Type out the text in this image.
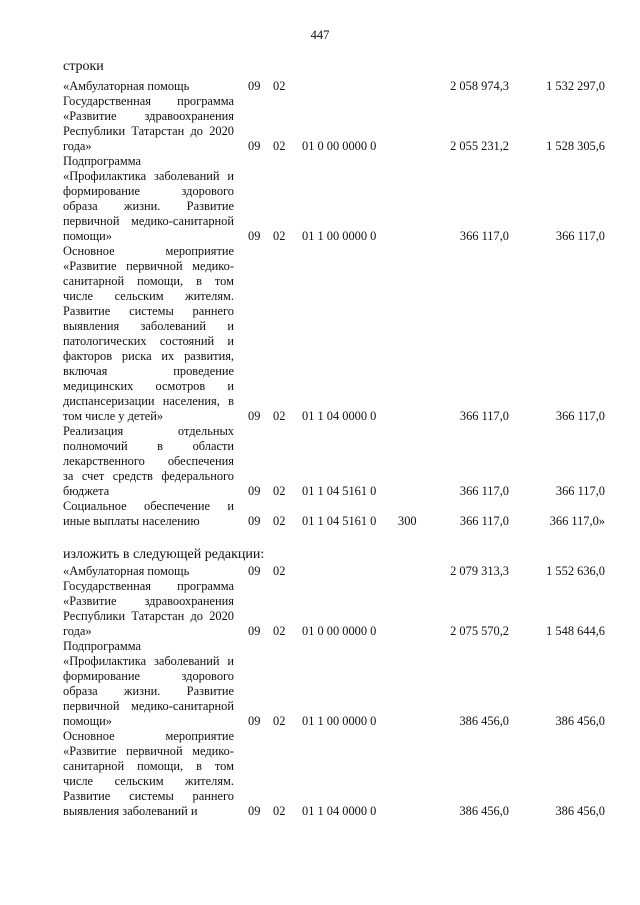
447
строки
«Амбулаторная помощь	09 02	2 058 974,3	1 532 297,0
Государственная программа
«Развитие здравоохранения
Республики Татарстан до 2020
года»	09 02 01 0 00 0000 0	2 055 231,2	1 528 305,6
Подпрограмма
«Профилактика заболеваний и
формирование здорового
образа жизни. Развитие
первичной медико-санитарной
помощи»	09 02 01 1 00 0000 0	366 117,0	366 117,0
Основное мероприятие
«Развитие первичной медико-
санитарной помощи, в том
числе сельским жителям.
Развитие системы раннего
выявления заболеваний и
патологических состояний и
факторов риска их развития,
включая проведение
медицинских осмотров и
диспансеризации населения, в
том числе у детей»	09 02 01 1 04 0000 0	366 117,0	366 117,0
Реализация отдельных
полномочий в области
лекарственного обеспечения
за счет средств федерального
бюджета	09 02 01 1 04 5161 0	366 117,0	366 117,0
Социальное обеспечение и
иные выплаты населению	09 02 01 1 04 5161 0 300	366 117,0	366 117,0»
изложить в следующей редакции:
«Амбулаторная помощь	09 02	2 079 313,3	1 552 636,0
Государственная программа
«Развитие здравоохранения
Республики Татарстан до 2020
года»	09 02 01 0 00 0000 0	2 075 570,2	1 548 644,6
Подпрограмма
«Профилактика заболеваний и
формирование здорового
образа жизни. Развитие
первичной медико-санитарной
помощи»	09 02 01 1 00 0000 0	386 456,0	386 456,0
Основное мероприятие
«Развитие первичной медико-
санитарной помощи, в том
числе сельским жителям.
Развитие системы раннего
выявления заболеваний и	09 02 01 1 04 0000 0	386 456,0	386 456,0
